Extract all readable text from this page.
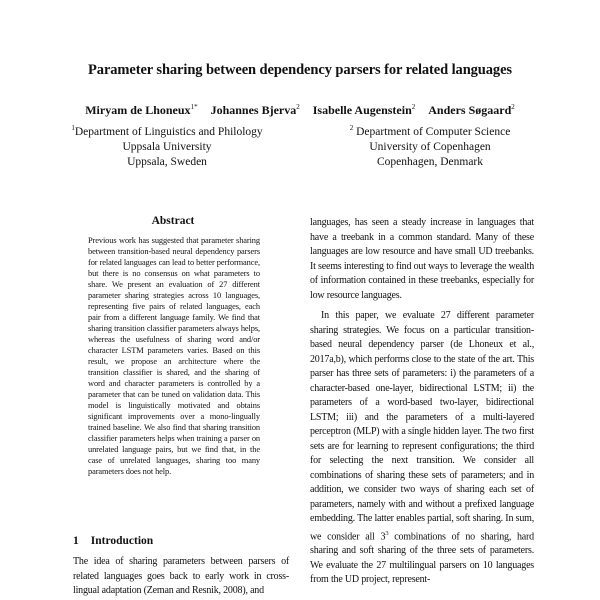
Parameter sharing between dependency parsers for related languages
Miryam de Lhoneux$^{1*}$ Johannes Bjerva$^2$ Isabelle Augenstein$^2$ Anders Søgaard$^2$
$^1$Department of Linguistics and Philology
Uppsala University
Uppsala, Sweden
$^2$ Department of Computer Science
University of Copenhagen
Copenhagen, Denmark
Abstract
Previous work has suggested that parameter sharing between transition-based neural dependency parsers for related languages can lead to better performance, but there is no consensus on what parameters to share. We present an evaluation of 27 different parameter sharing strategies across 10 languages, representing five pairs of related languages, each pair from a different language family. We find that sharing transition classifier parameters always helps, whereas the usefulness of sharing word and/or character LSTM parameters varies. Based on this result, we propose an architecture where the transition classifier is shared, and the sharing of word and character parameters is controlled by a parameter that can be tuned on validation data. This model is linguistically motivated and obtains significant improvements over a mono-lingually trained baseline. We also find that sharing transition classifier parameters helps when training a parser on unrelated language pairs, but we find that, in the case of unrelated languages, sharing too many parameters does not help.
1 Introduction
The idea of sharing parameters between parsers of related languages goes back to early work in cross-lingual adaptation (Zeman and Resnik, 2008), and

languages, has seen a steady increase in languages that have a treebank in a common standard. Many of these languages are low resource and have small UD treebanks. It seems interesting to find out ways to leverage the wealth of information contained in these treebanks, especially for low resource languages.

In this paper, we evaluate 27 different parameter sharing strategies. We focus on a particular transition-based neural dependency parser (de Lhoneux et al., 2017a,b), which performs close to the state of the art. This parser has three sets of parameters: i) the parameters of a character-based one-layer, bidirectional LSTM; ii) the parameters of a word-based two-layer, bidirectional LSTM; iii) and the parameters of a multi-layered perceptron (MLP) with a single hidden layer. The two first sets are for learning to represent configurations; the third for selecting the next transition. We consider all combinations of sharing these sets of parameters; and in addition, we consider two ways of sharing each set of parameters, namely with and without a prefixed language embedding. The latter enables partial, soft sharing. In sum, we consider all $3^3$ combinations of no sharing, hard sharing and soft sharing of the three sets of parameters. We evaluate the 27 multilingual parsers on 10 languages from the UD project, represent-
